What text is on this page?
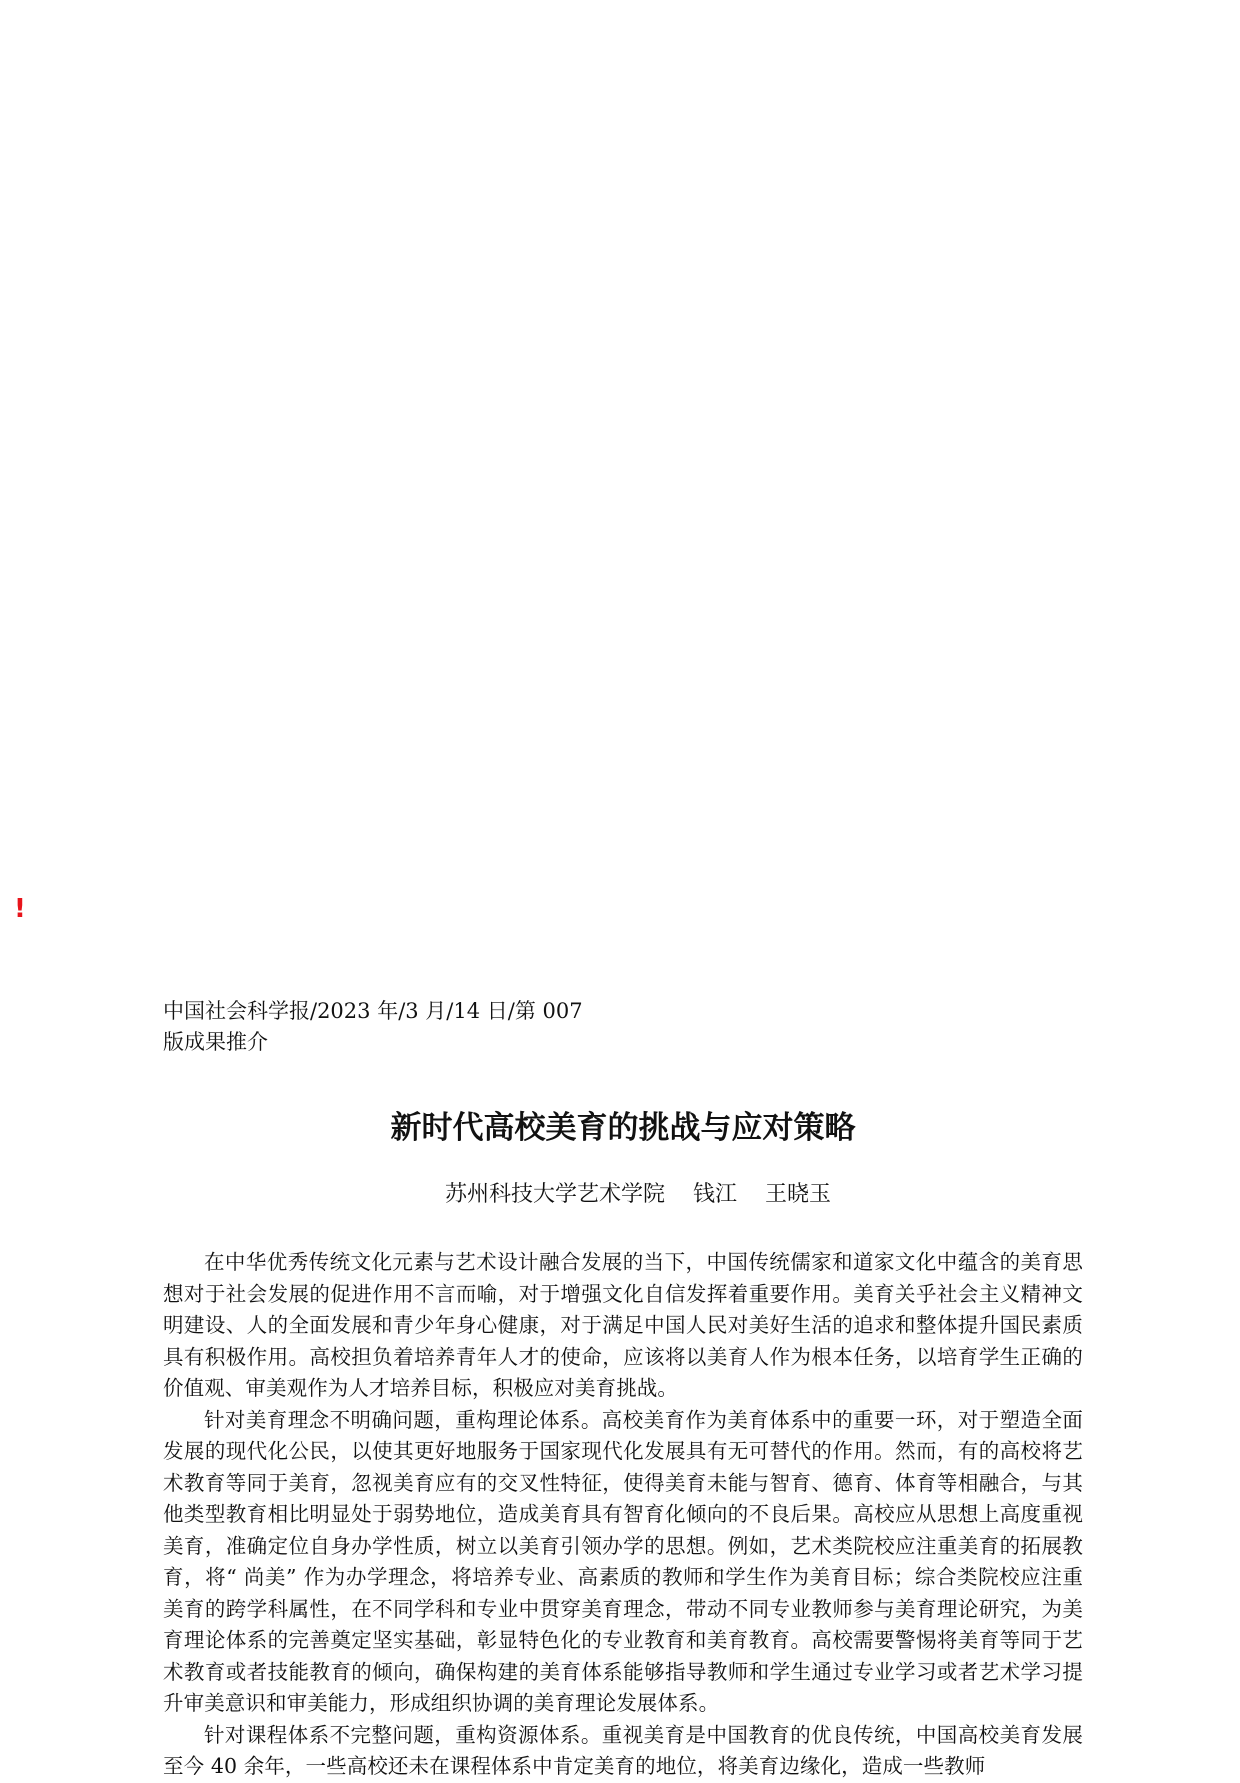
!

中国社会科学报/2023 年/3 月/14 日/第 007 版成果推介

新时代高校美育的挑战与应对策略
苏州科技大学艺术学院    钱江    王晓玉

在中华优秀传统文化元素与艺术设计融合发展的当下，中国传统儒家和道家文化中蕴含的美育思想对于社会发展的促进作用不言而喻，对于增强文化自信发挥着重要作用。美育关乎社会主义精神文明建设、人的全面发展和青少年身心健康，对于满足中国人民对美好生活的追求和整体提升国民素质具有积极作用。高校担负着培养青年人才的使命，应该将以美育人作为根本任务，以培育学生正确的价值观、审美观作为人才培养目标，积极应对美育挑战。

针对美育理念不明确问题，重构理论体系。高校美育作为美育体系中的重要一环，对于塑造全面发展的现代化公民，以使其更好地服务于国家现代化发展具有无可替代的作用。然而，有的高校将艺术教育等同于美育，忽视美育应有的交叉性特征，使得美育未能与智育、德育、体育等相融合，与其他类型教育相比明显处于弱势地位，造成美育具有智育化倾向的不良后果。高校应从思想上高度重视美育，准确定位自身办学性质，树立以美育引领办学的思想。例如，艺术类院校应注重美育的拓展教育，将“ 尚美” 作为办学理念，将培养专业、高素质的教师和学生作为美育目标；综合类院校应注重美育的跨学科属性，在不同学科和专业中贯穿美育理念，带动不同专业教师参与美育理论研究，为美育理论体系的完善奠定坚实基础，彰显特色化的专业教育和美育教育。高校需要警惕将美育等同于艺术教育或者技能教育的倾向，确保构建的美育体系能够指导教师和学生通过专业学习或者艺术学习提升审美意识和审美能力，形成组织协调的美育理论发展体系。

针对课程体系不完整问题，重构资源体系。重视美育是中国教育的优良传统，中国高校美育发展至今 40 余年，一些高校还未在课程体系中肯定美育的地位，将美育边缘化，造成一些教师
